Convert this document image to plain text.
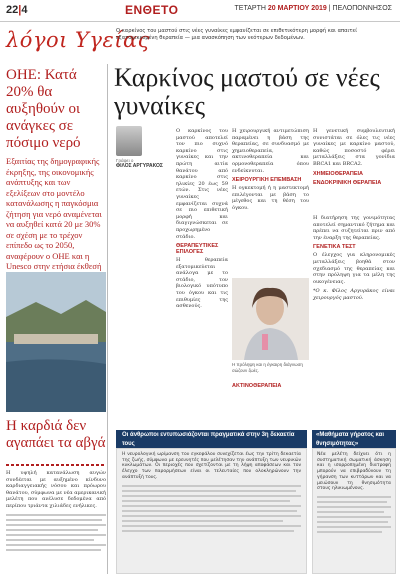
22|4	ΕΝΘΕΤΟ	ΤΕΤΑΡΤΗ 20 ΜΑΡΤΙΟΥ 2019 | ΠΕΛΟΠΟΝΝΗΣΟΣ
λόγοι Υγείας
Ο καρκίνος του μαστού στις νέες γυναίκες εμφανίζεται σε επιθετικότερη μορφή και απαιτεί εξατομικευμένη θεραπεία — μια ανασκόπηση των νεότερων δεδομένων.
ΟΗΕ: Κατά 20% θα αυξηθούν οι ανάγκες σε πόσιμο νερό
Εξαιτίας της δημογραφικής έκρηξης, της οικονομικής ανάπτυξης και των εξελίξεων στο μοντέλο κατανάλωσης η παγκόσμια ζήτηση για νερό αναμένεται να αυξηθεί κατά 20 με 30% σε σχέση με το τρέχον επίπεδο ως το 2050, αναφέρουν ο ΟΗΕ και η Unesco στην ετήσια έκθεσή
Η καρδιά δεν αγαπάει τα αβγά
Η υψηλή κατανάλωση αυγών συνδέεται με αυξημένο κίνδυνο καρδιαγγειακής νόσου και πρόωρου θανάτου, σύμφωνα με νέα αμερικανική μελέτη που ανέλυσε δεδομένα από περίπου τριάντα χιλιάδες ενήλικες.
Καρκίνος μαστού σε νέες γυναίκες
Γράφει ο
ΦΙΛΟΣ ΑΡΓΥΡΑΚΟΣ
Ο καρκίνος του μαστού αποτελεί τον πιο συχνό καρκίνο στις γυναίκες και την πρώτη αιτία θανάτου από καρκίνο στις ηλικίες 20 έως 59 ετών. Στις νέες γυναίκες εμφανίζεται συχνά σε πιο επιθετική μορφή και διαγιγνώσκεται σε προχωρημένο στάδιο.
ΘΕΡΑΠΕΥΤΙΚΕΣ ΕΠΙΛΟΓΕΣ
Η θεραπεία εξατομικεύεται ανάλογα με το στάδιο, τον βιολογικό υπότυπο του όγκου και τις επιθυμίες της ασθενούς.
Η χειρουργική αντιμετώπιση παραμένει η βάση της θεραπείας, σε συνδυασμό με χημειοθεραπεία, ακτινοθεραπεία και ορμονοθεραπεία όπου ενδείκνυται.
ΧΕΙΡΟΥΡΓΙΚΗ ΕΠΕΜΒΑΣΗ
Η ογκεκτομή ή η μαστεκτομή επιλέγονται με βάση το μέγεθος και τη θέση του όγκου.
Η πρόληψη και η έγκαιρη διάγνωση σώζουν ζωές.
ΑΚΤΙΝΟΘΕΡΑΠΕΙΑ
Η γενετική συμβουλευτική συνιστάται σε όλες τις νέες γυναίκες με καρκίνο μαστού, καθώς ποσοστό φέρει μεταλλάξεις στα γονίδια BRCA1 και BRCA2.
ΧΗΜΕΙΟΘΕΡΑΠΕΙΑ
ΕΝΔΟΚΡΙΝΙΚΗ ΘΕΡΑΠΕΙΑ
Η διατήρηση της γονιμότητας αποτελεί σημαντικό ζήτημα και πρέπει να συζητείται πριν από την έναρξη της θεραπείας.
ΓΕΝΕΤΙΚΑ ΤΕΣΤ
Ο έλεγχος για κληρονομικές μεταλλάξεις βοηθά στον σχεδιασμό της θεραπείας και στην πρόληψη για τα μέλη της οικογένειας.
*Ο κ. Φίλος Αργυράκος είναι χειρουργός μαστού.
Οι άνθρωποι εντυπωσιάζονται πραγματικά στην 3η δεκαετία τους
Η νευρολογική ωρίμανση του εγκεφάλου συνεχίζεται έως την τρίτη δεκαετία της ζωής, σύμφωνα με ερευνητές που μελέτησαν την ανάπτυξη των νευρικών κυκλωμάτων. Οι περιοχές που σχετίζονται με τη λήψη αποφάσεων και τον έλεγχο των παρορμήσεων είναι οι τελευταίες που ολοκληρώνουν την ανάπτυξή τους.
«Μαθήματα γήρατος και θνησιμότητας»
Νέα μελέτη δείχνει ότι η συστηματική σωματική άσκηση και η ισορροπημένη διατροφή μπορούν να επιβραδύνουν τη γήρανση των κυττάρων και να μειώσουν τη θνησιμότητα στους ηλικιωμένους.
